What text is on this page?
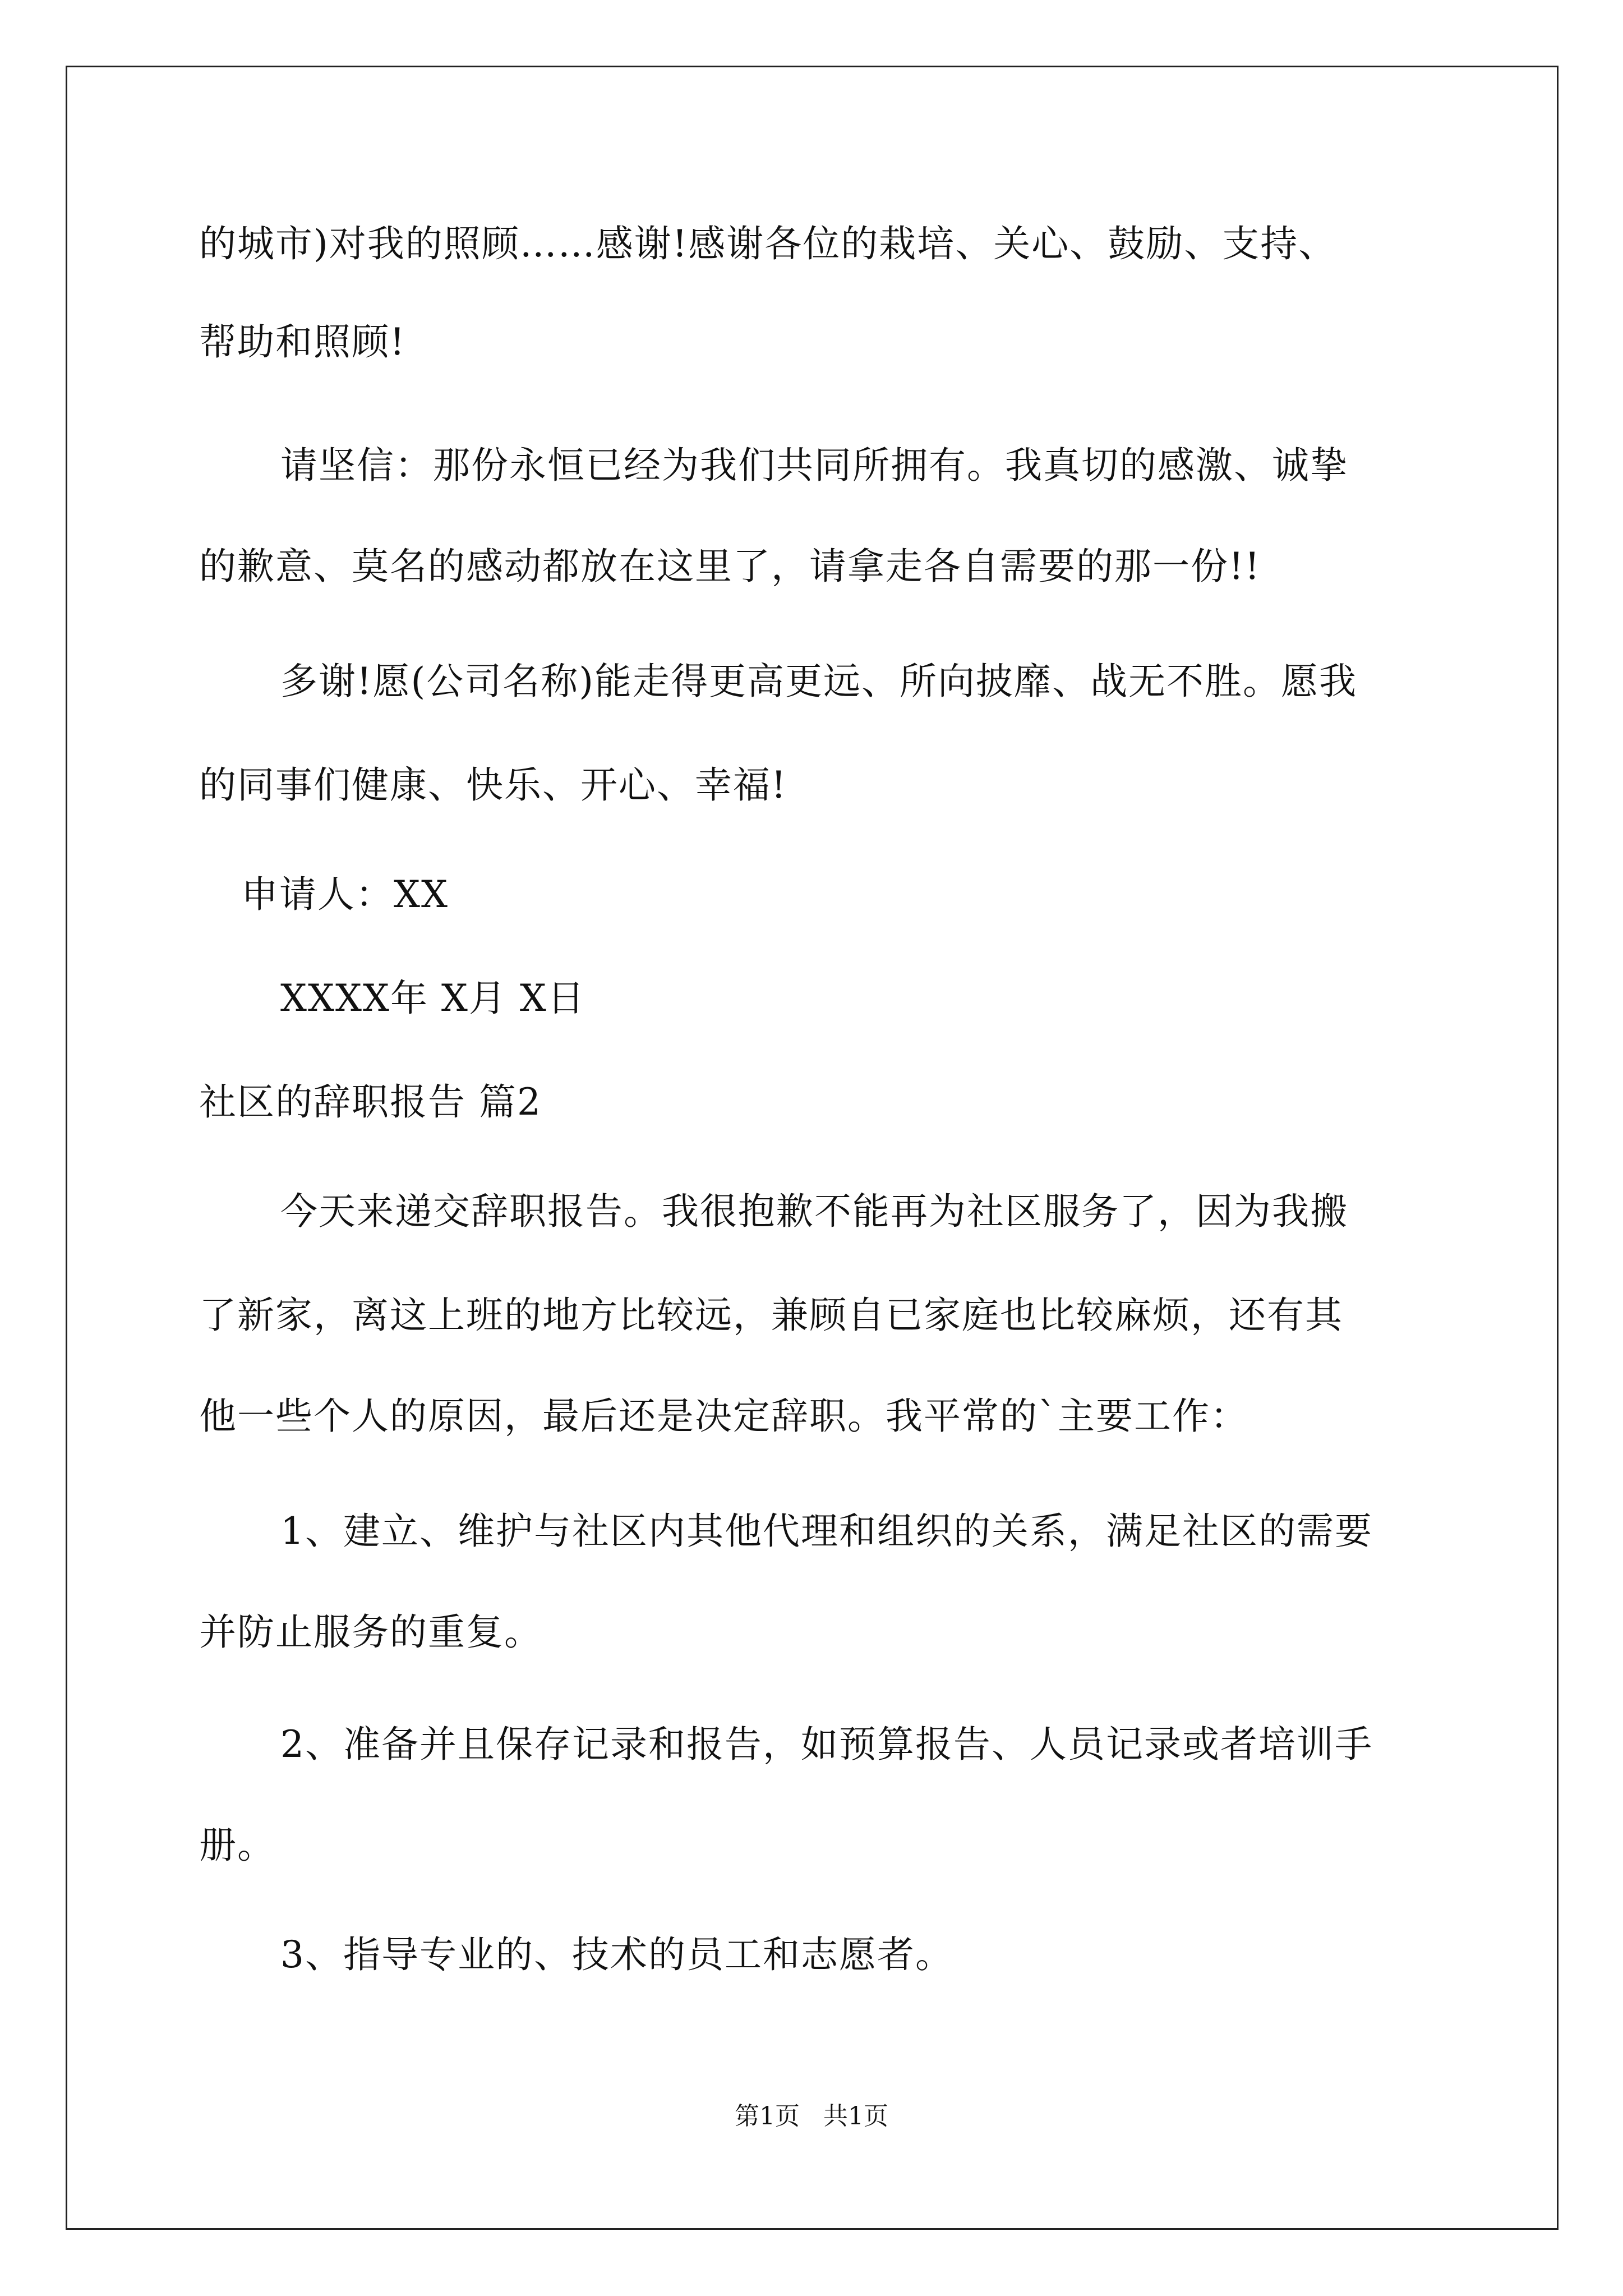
的城市)对我的照顾……感谢!感谢各位的栽培、关心、鼓励、支持、
帮助和照顾!
请坚信：那份永恒已经为我们共同所拥有。我真切的感激、诚挚
的歉意、莫名的感动都放在这里了，请拿走各自需要的那一份!!
多谢!愿(公司名称)能走得更高更远、所向披靡、战无不胜。愿我
的同事们健康、快乐、开心、幸福!
申请人：XX
XXXX年 X月 X日
社区的辞职报告 篇2
今天来递交辞职报告。我很抱歉不能再为社区服务了，因为我搬
了新家，离这上班的地方比较远，兼顾自已家庭也比较麻烦，还有其
他一些个人的原因，最后还是决定辞职。我平常的`主要工作：
1、建立、维护与社区内其他代理和组织的关系，满足社区的需要
并防止服务的重复。
2、准备并且保存记录和报告，如预算报告、人员记录或者培训手
册。
3、指导专业的、技术的员工和志愿者。
第1页   共1页
